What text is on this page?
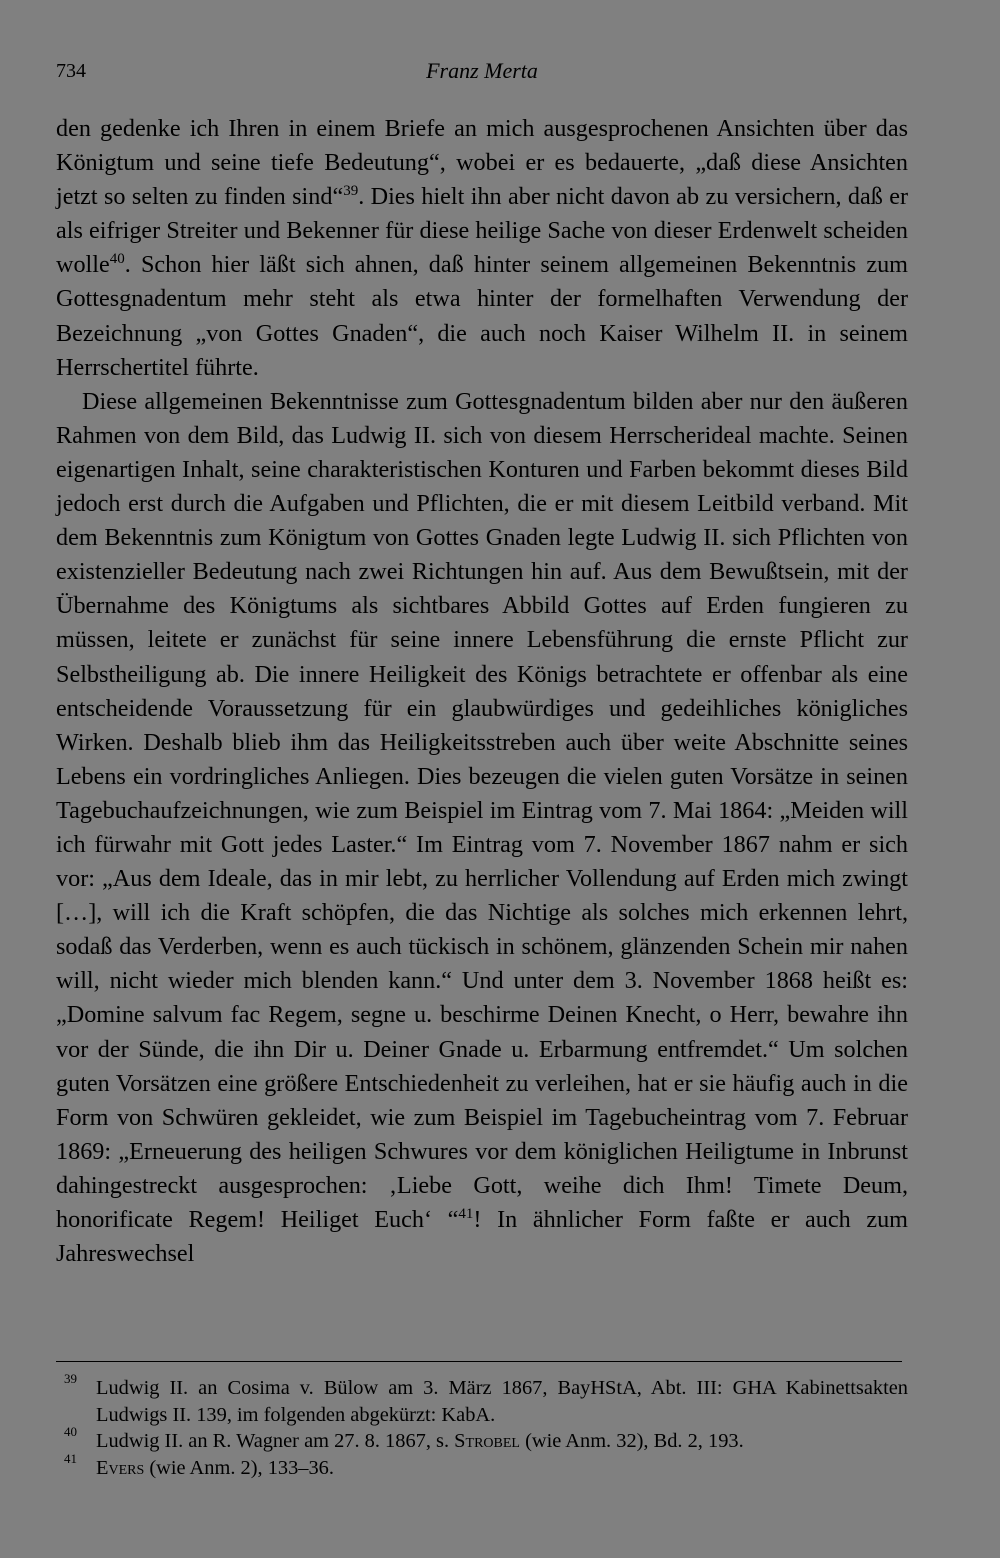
734	Franz Merta

den gedenke ich Ihren in einem Briefe an mich ausgesprochenen Ansichten über das Königtum und seine tiefe Bedeutung“, wobei er es bedauerte, „daß diese Ansichten jetzt so selten zu finden sind“$^{39}$. Dies hielt ihn aber nicht davon ab zu versichern, daß er als eifriger Streiter und Bekenner für diese heilige Sache von dieser Erdenwelt scheiden wolle$^{40}$. Schon hier läßt sich ahnen, daß hinter seinem allgemeinen Bekenntnis zum Gottesgnadentum mehr steht als etwa hinter der formelhaften Verwendung der Bezeichnung „von Gottes Gnaden“, die auch noch Kaiser Wilhelm II. in seinem Herrschertitel führte.

Diese allgemeinen Bekenntnisse zum Gottesgnadentum bilden aber nur den äußeren Rahmen von dem Bild, das Ludwig II. sich von diesem Herrscherideal machte. Seinen eigenartigen Inhalt, seine charakteristischen Konturen und Farben bekommt dieses Bild jedoch erst durch die Aufgaben und Pflichten, die er mit diesem Leitbild verband. Mit dem Bekenntnis zum Königtum von Gottes Gnaden legte Ludwig II. sich Pflichten von existenzieller Bedeutung nach zwei Richtungen hin auf. Aus dem Bewußtsein, mit der Übernahme des Königtums als sichtbares Abbild Gottes auf Erden fungieren zu müssen, leitete er zunächst für seine innere Lebensführung die ernste Pflicht zur Selbstheiligung ab. Die innere Heiligkeit des Königs betrachtete er offenbar als eine entscheidende Voraussetzung für ein glaubwürdiges und gedeihliches königliches Wirken. Deshalb blieb ihm das Heiligkeitsstreben auch über weite Abschnitte seines Lebens ein vordringliches Anliegen. Dies bezeugen die vielen guten Vorsätze in seinen Tagebuchaufzeichnungen, wie zum Beispiel im Eintrag vom 7. Mai 1864: „Meiden will ich fürwahr mit Gott jedes Laster.“ Im Eintrag vom 7. November 1867 nahm er sich vor: „Aus dem Ideale, das in mir lebt, zu herrlicher Vollendung auf Erden mich zwingt […], will ich die Kraft schöpfen, die das Nichtige als solches mich erkennen lehrt, sodaß das Verderben, wenn es auch tückisch in schönem, glänzenden Schein mir nahen will, nicht wieder mich blenden kann.“ Und unter dem 3. November 1868 heißt es: „Domine salvum fac Regem, segne u. beschirme Deinen Knecht, o Herr, bewahre ihn vor der Sünde, die ihn Dir u. Deiner Gnade u. Erbarmung entfremdet.“ Um solchen guten Vorsätzen eine größere Entschiedenheit zu verleihen, hat er sie häufig auch in die Form von Schwüren gekleidet, wie zum Beispiel im Tagebucheintrag vom 7. Februar 1869: „Erneuerung des heiligen Schwures vor dem königlichen Heiligtume in Inbrunst dahingestreckt ausgesprochen: ‚Liebe Gott, weihe dich Ihm! Timete Deum, honorificate Regem! Heiliget Euch‘ “$^{41}$! In ähnlicher Form faßte er auch zum Jahreswechsel

39 Ludwig II. an Cosima v. Bülow am 3. März 1867, BayHStA, Abt. III: GHA Kabinettsakten Ludwigs II. 139, im folgenden abgekürzt: KabA.
40 Ludwig II. an R. Wagner am 27. 8. 1867, s. Strobel (wie Anm. 32), Bd. 2, 193.
41 Evers (wie Anm. 2), 133–36.
